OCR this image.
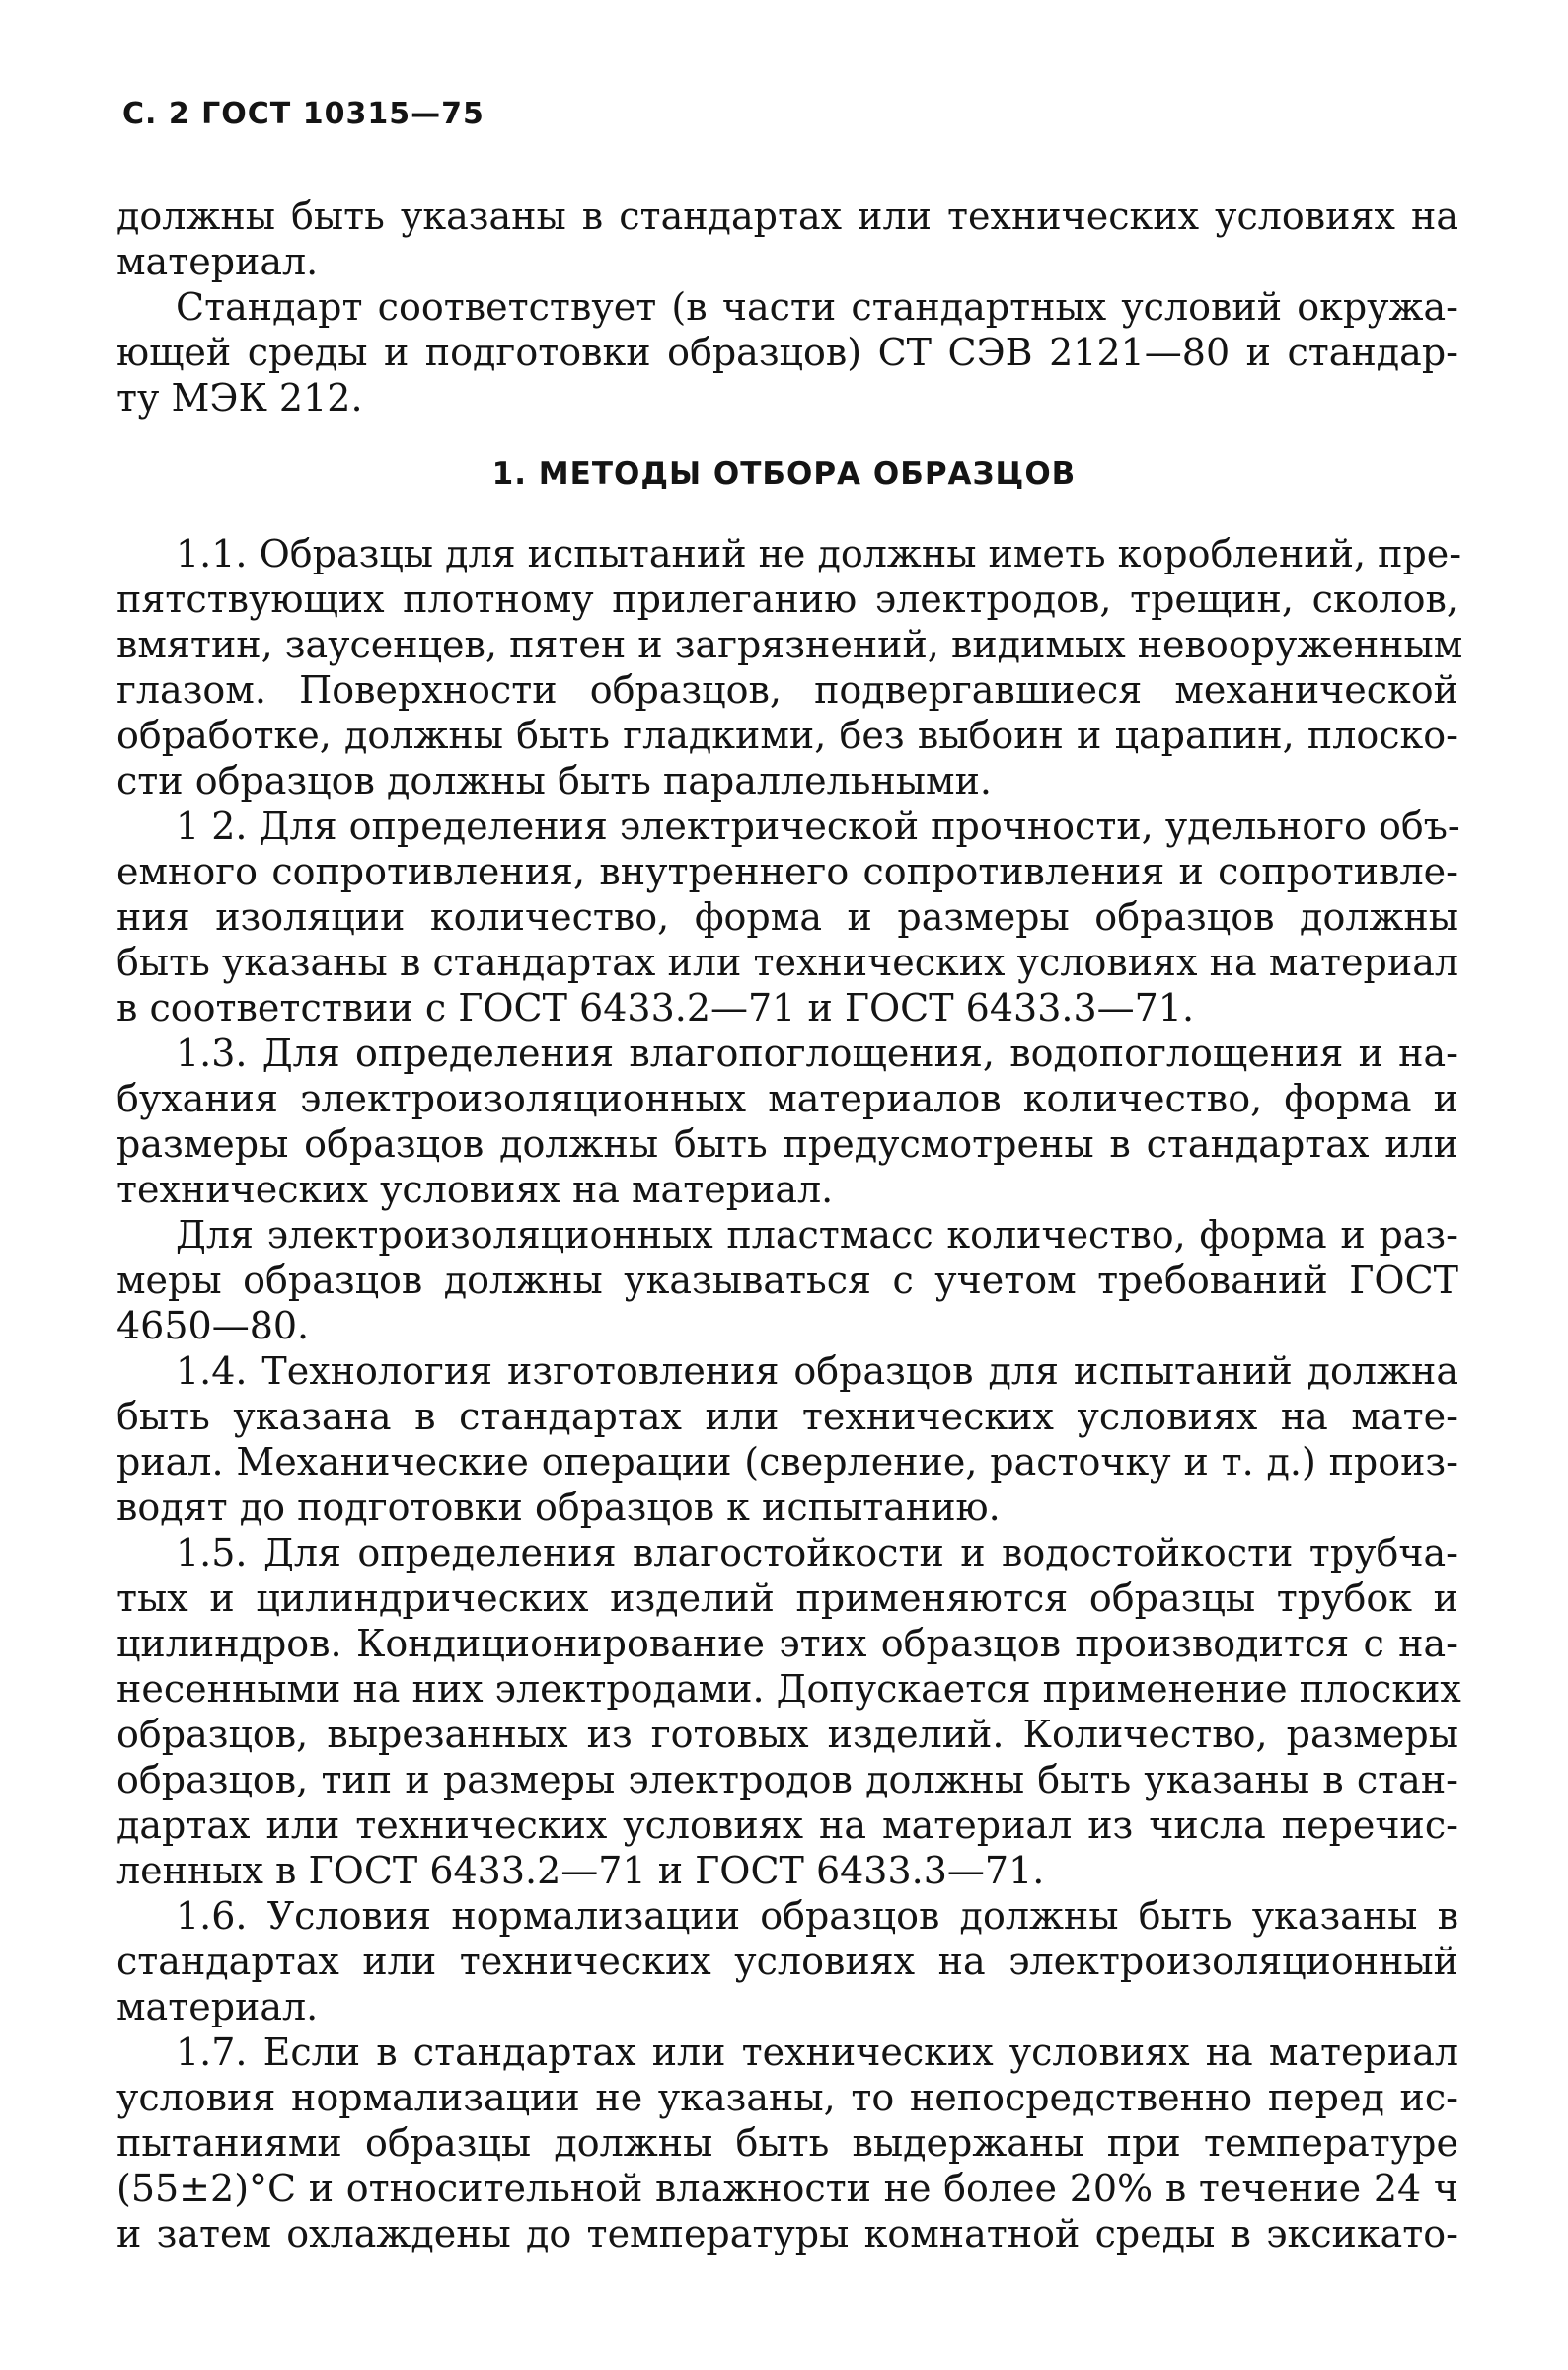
С. 2 ГОСТ 10315—75

должны быть указаны в стандартах или технических условиях на
материал.

Стандарт соответствует (в части стандартных условий окружа-

ющей среды и подготовки образцов) СТ СЭВ 2121—80 и стандар-
ту МЭК 212.

1. МЕТОДЫ ОТБОРА ОБРАЗЦОВ

1.1. Образцы для испытаний не должны иметь короблений, пре-

пятствующих плотному прилеганию электродов, трещин, сколов,
вмятин, заусенцев, пятен и загрязнений, видимых невооруженным
глазом. Поверхности образцов, подвергавшиеся механической
обработке, должны быть гладкими, без выбоин и царапин, плоско-
сти образцов должны быть параллельными.

1 2. Для определения электрической прочности, удельного объ-

емного сопротивления, внутреннего сопротивления и сопротивле-
ния изоляции количество, форма и размеры образцов должны
быть указаны в стандартах или технических условиях на материал
в соответствии с ГОСТ 6433.2—71 и ГОСТ 6433.3—71.

1.3. Для определения влагопоглощения, водопоглощения и на-

бухания электроизоляционных материалов количество, форма и
размеры образцов должны быть предусмотрены в стандартах или
технических условиях на материал.

Для электроизоляционных пластмасс количество, форма и раз-

меры образцов должны указываться с учетом требований ГОСТ
4650—80.

1.4. Технология изготовления образцов для испытаний должна

быть указана в стандартах или технических условиях на мате-
риал. Механические операции (сверление, расточку и т. д.) произ-
водят до подготовки образцов к испытанию.

1.5. Для определения влагостойкости и водостойкости трубча-

тых и цилиндрических изделий применяются образцы трубок и
цилиндров. Кондиционирование этих образцов производится с на-
несенными на них электродами. Допускается применение плоских
образцов, вырезанных из готовых изделий. Количество, размеры
образцов, тип и размеры электродов должны быть указаны в стан-
дартах или технических условиях на материал из числа перечис-
ленных в ГОСТ 6433.2—71 и ГОСТ 6433.3—71.

1.6. Условия нормализации образцов должны быть указаны в

стандартах или технических условиях на электроизоляционный
материал.

1.7. Если в стандартах или технических условиях на материал

условия нормализации не указаны, то непосредственно перед ис-
пытаниями образцы должны быть выдержаны при температуре
(55±2)°С и относительной влажности не более 20% в течение 24 ч
и затем охлаждены до температуры комнатной среды в эксикато-
